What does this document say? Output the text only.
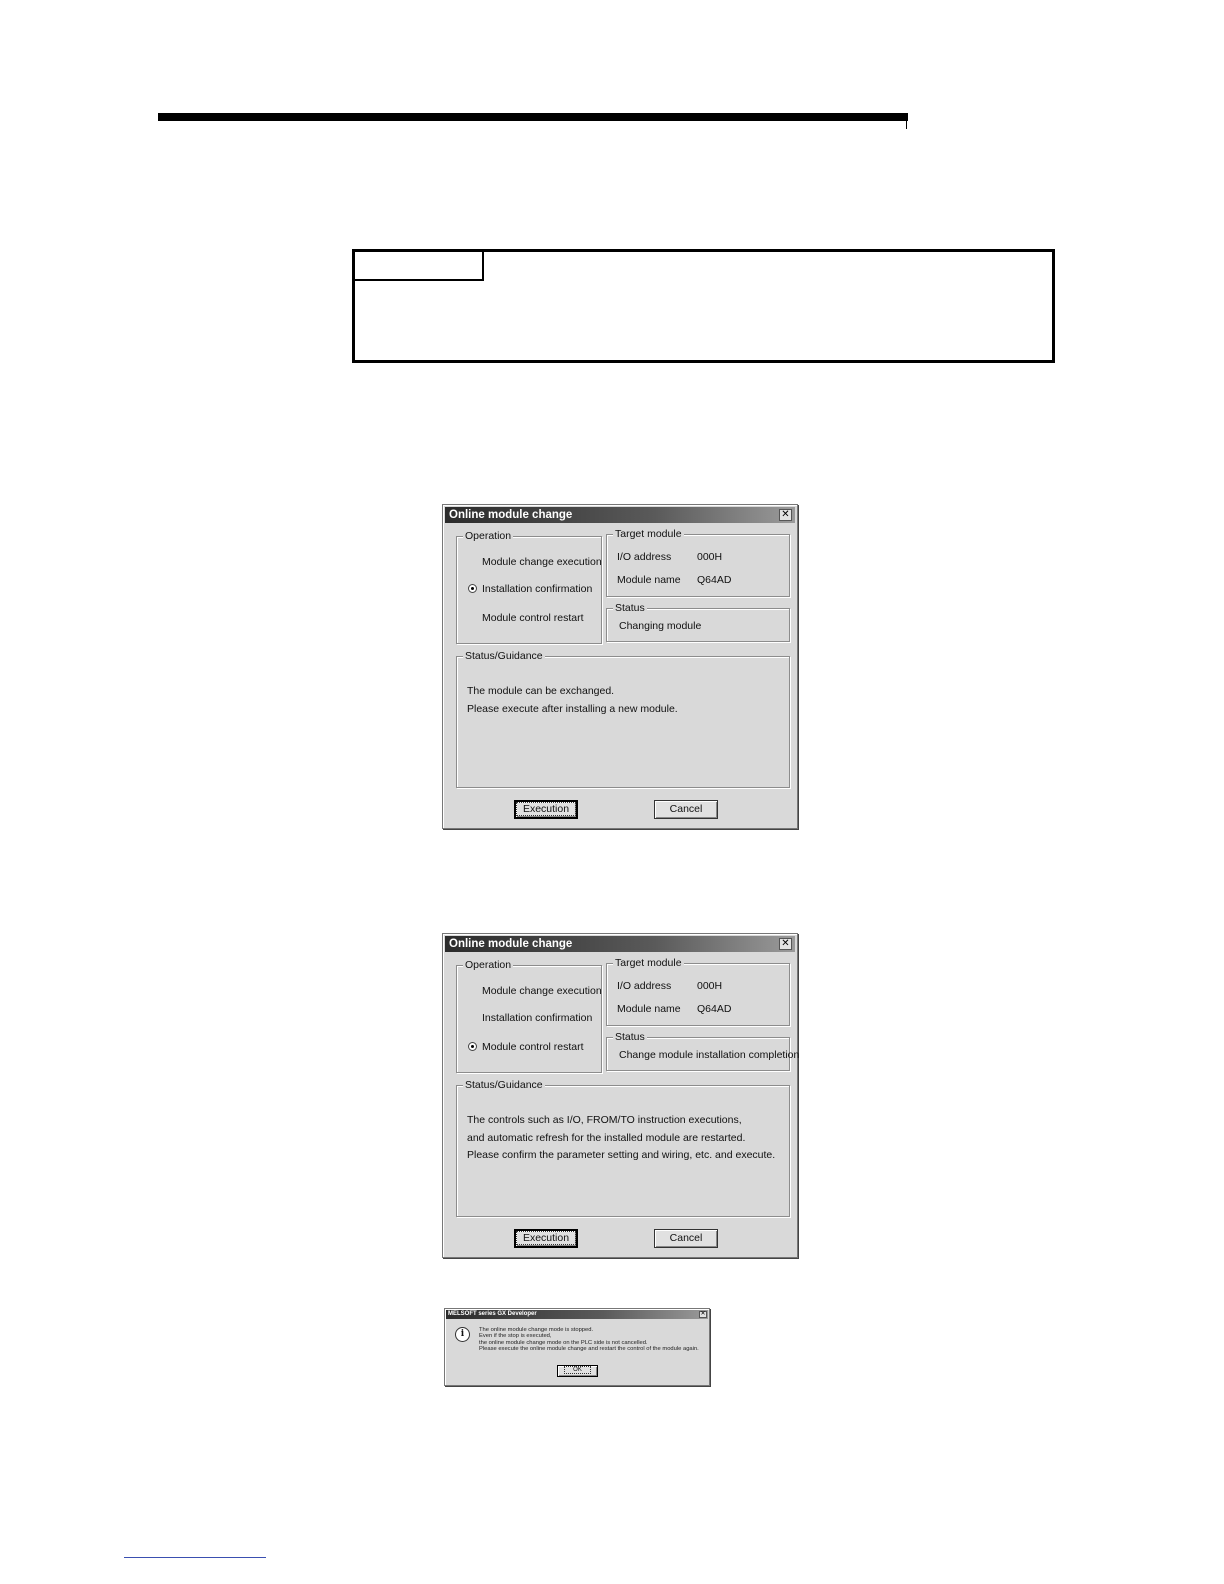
Online module change	✕
Operation
Module change execution
Installation confirmation
Module control restart
Target module
I/O address 000H
Module name Q64AD
Status
Changing module
Status/Guidance
The module can be exchanged.
Please execute after installing a new module.
Execution	Cancel
Online module change	✕
Operation
Module change execution
Installation confirmation
Module control restart
Target module
I/O address 000H
Module name Q64AD
Status
Change module installation completion
Status/Guidance
The controls such as I/O, FROM/TO instruction executions,
and automatic refresh for the installed module are restarted.
Please confirm the parameter setting and wiring, etc. and execute.
Execution	Cancel
MELSOFT series GX Developer	✕
i	The online module change mode is stopped.
Even if the stop is executed,
the online module change mode on the PLC side is not cancelled.
Please execute the online module change and restart the control of the module again.
OK
